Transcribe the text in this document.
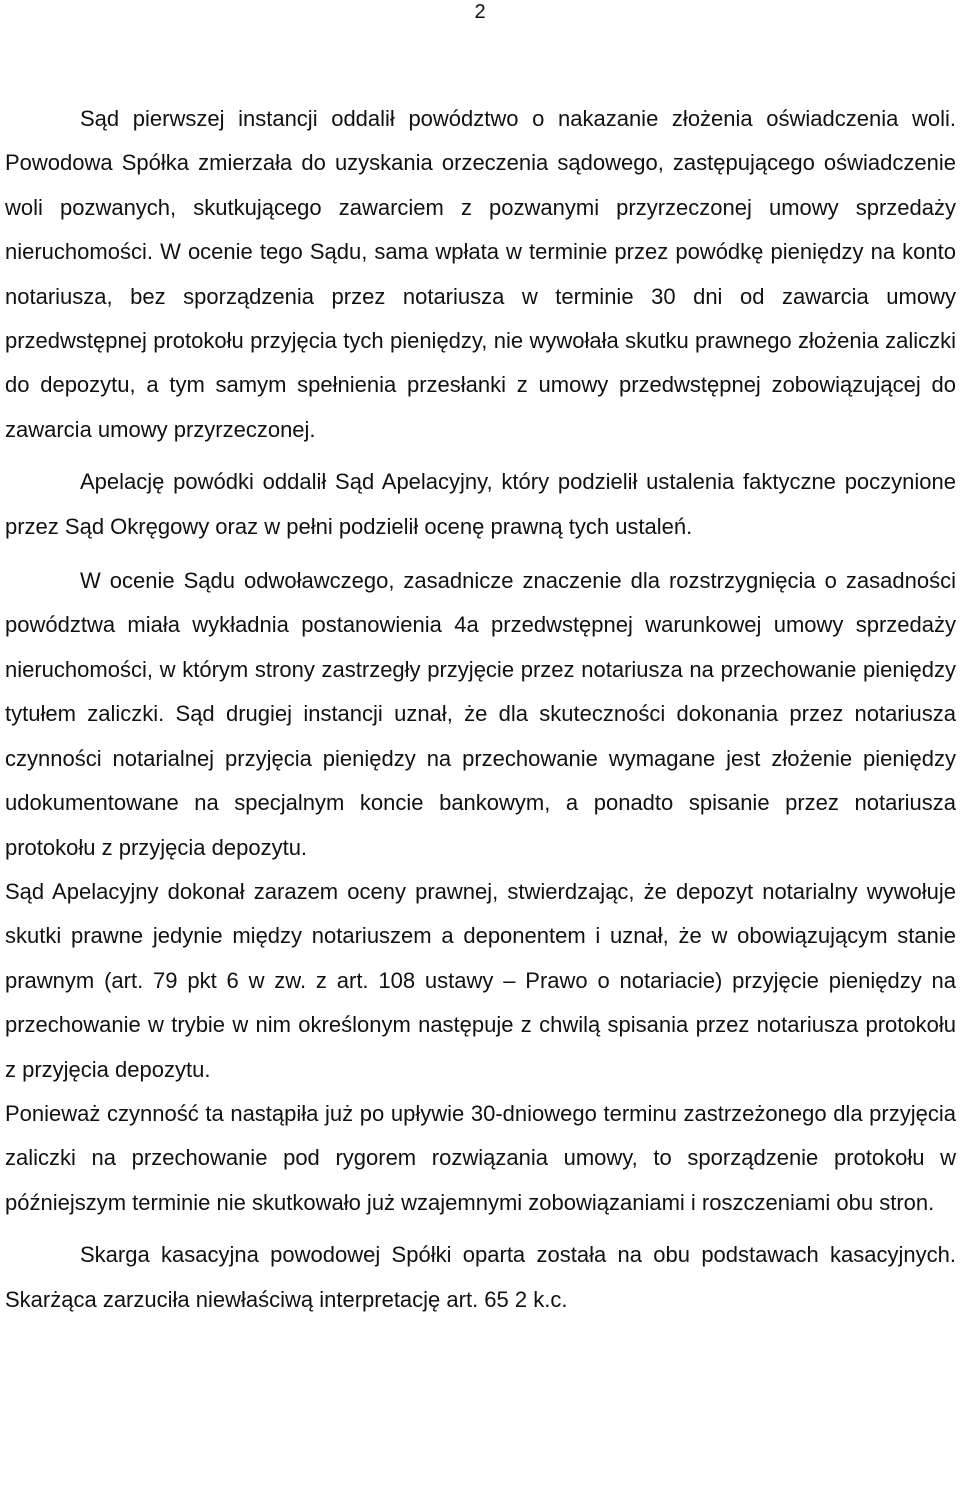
2

Sąd pierwszej instancji oddalił powództwo o nakazanie złożenia oświadczenia woli. Powodowa Spółka zmierzała do uzyskania orzeczenia sądowego, zastępującego oświadczenie woli pozwanych, skutkującego zawarciem z pozwanymi przyrzeczonej umowy sprzedaży nieruchomości. W ocenie tego Sądu, sama wpłata w terminie przez powódkę pieniędzy na konto notariusza, bez sporządzenia przez notariusza w terminie 30 dni od zawarcia umowy przedwstępnej protokołu przyjęcia tych pieniędzy, nie wywołała skutku prawnego złożenia zaliczki do depozytu, a tym samym spełnienia przesłanki z umowy przedwstępnej zobowiązującej do zawarcia umowy przyrzeczonej.

Apelację powódki oddalił Sąd Apelacyjny, który podzielił ustalenia faktyczne poczynione przez Sąd Okręgowy oraz w pełni podzielił ocenę prawną tych ustaleń.

W ocenie Sądu odwoławczego, zasadnicze znaczenie dla rozstrzygnięcia o zasadności powództwa miała wykładnia postanowienia 4a przedwstępnej warunkowej umowy sprzedaży nieruchomości, w którym strony zastrzegły przyjęcie przez notariusza na przechowanie pieniędzy tytułem zaliczki. Sąd drugiej instancji uznał, że dla skuteczności dokonania przez notariusza czynności notarialnej przyjęcia pieniędzy na przechowanie wymagane jest złożenie pieniędzy udokumentowane na specjalnym koncie bankowym, a ponadto spisanie przez notariusza protokołu z przyjęcia depozytu.

Sąd Apelacyjny dokonał zarazem oceny prawnej, stwierdzając, że depozyt notarialny wywołuje skutki prawne jedynie między notariuszem a deponentem i uznał, że w obowiązującym stanie prawnym (art. 79 pkt 6 w zw. z art. 108 ustawy – Prawo o notariacie) przyjęcie pieniędzy na przechowanie w trybie w nim określonym następuje z chwilą spisania przez notariusza protokołu z przyjęcia depozytu.

Ponieważ czynność ta nastąpiła już po upływie 30-dniowego terminu zastrzeżonego dla przyjęcia zaliczki na przechowanie pod rygorem rozwiązania umowy, to sporządzenie protokołu w późniejszym terminie nie skutkowało już wzajemnymi zobowiązaniami i roszczeniami obu stron.

Skarga kasacyjna powodowej Spółki oparta została na obu podstawach kasacyjnych. Skarżąca zarzuciła niewłaściwą interpretację art. 65 2 k.c.
